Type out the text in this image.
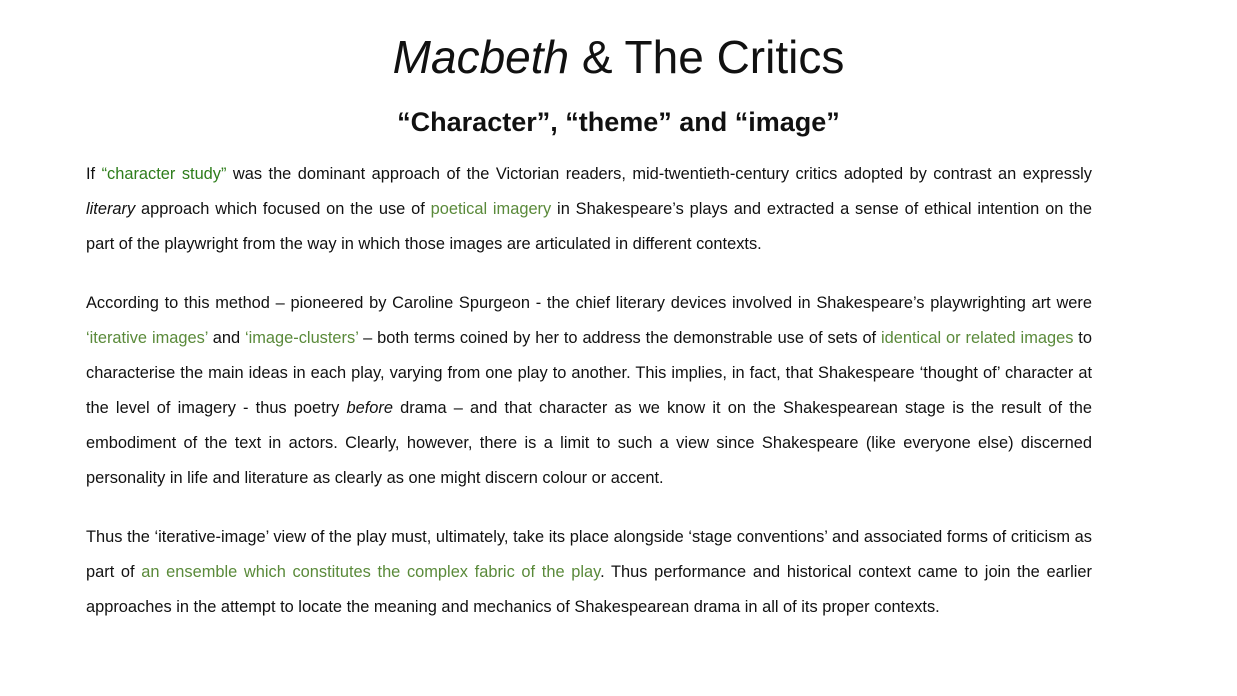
Macbeth & The Critics
“Character”, “theme” and “image”

If “character study” was the dominant approach of the Victorian readers, mid-twentieth-century critics adopted by contrast an expressly literary approach which focused on the use of poetical imagery in Shakespeare’s plays and extracted a sense of ethical intention on the part of the playwright from the way in which those images are articulated in different contexts.

According to this method – pioneered by Caroline Spurgeon - the chief literary devices involved in Shakespeare’s playwrighting art were ‘iterative images’ and ‘image-clusters’ – both terms coined by her to address the demonstrable use of sets of identical or related images to characterise the main ideas in each play, varying from one play to another. This implies, in fact, that Shakespeare ‘thought of’ character at the level of imagery - thus poetry before drama – and that character as we know it on the Shakespearean stage is the result of the embodiment of the text in actors. Clearly, however, there is a limit to such a view since Shakespeare (like everyone else) discerned personality in life and literature as clearly as one might discern colour or accent.

Thus the ‘iterative-image’ view of the play must, ultimately, take its place alongside ‘stage conventions’ and associated forms of criticism as part of an ensemble which constitutes the complex fabric of the play. Thus performance and historical context came to join the earlier approaches in the attempt to locate the meaning and mechanics of Shakespearean drama in all of its proper contexts.
